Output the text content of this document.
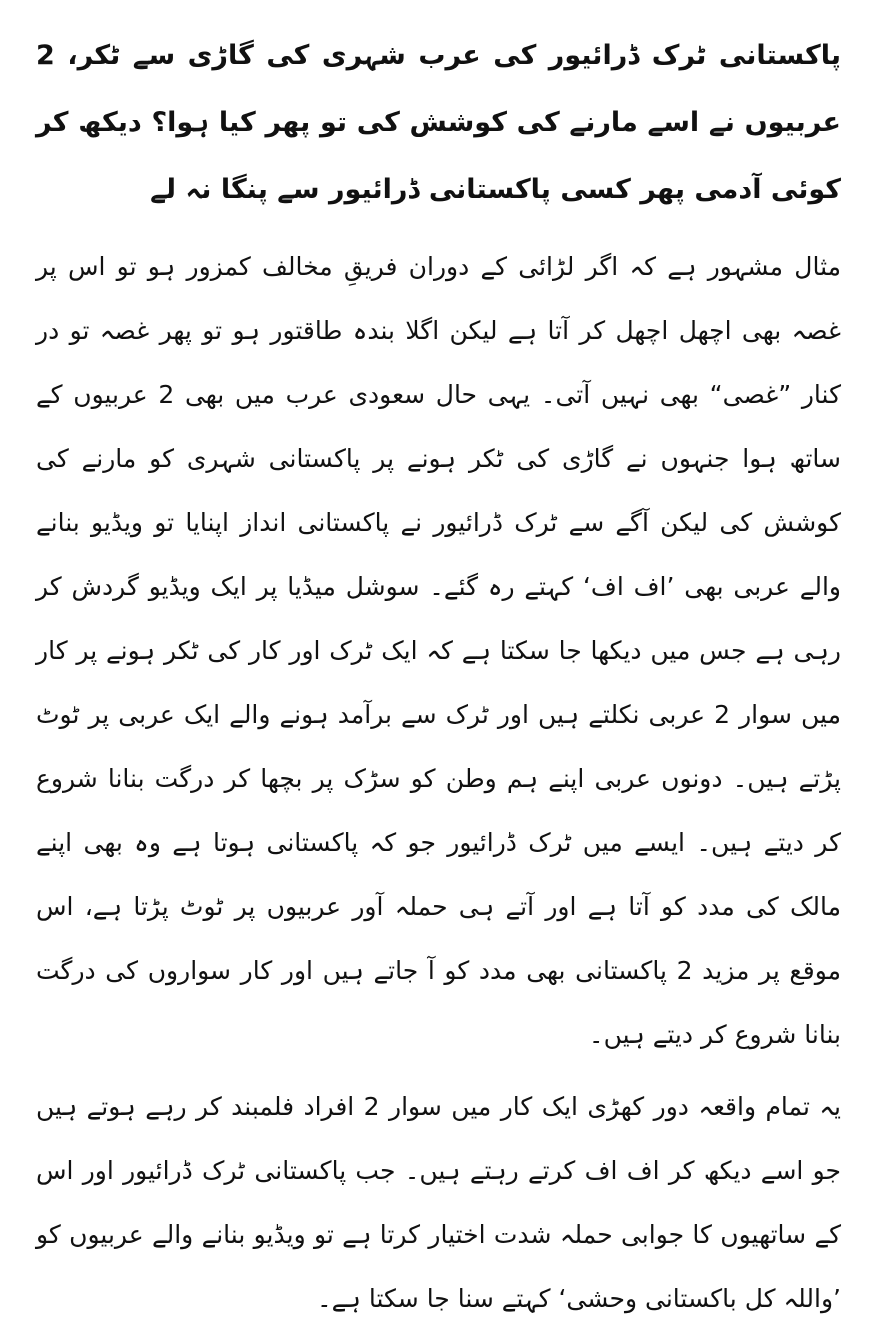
پاکستانی ٹرک ڈرائیور کی عرب شہری کی گاڑی سے ٹکر، 2 عربیوں نے اسے مارنے کی کوشش کی تو پھر کیا ہوا؟ دیکھ کر کوئی آدمی پھر کسی پاکستانی ڈرائیور سے پنگا نہ لے

مثال مشہور ہے کہ اگر لڑائی کے دوران فریقِ مخالف کمزور ہو تو اس پر غصہ بھی اچھل اچھل کر آتا ہے لیکن اگلا بندہ طاقتور ہو تو پھر غصہ تو در کنار ”غصی“ بھی نہیں آتی۔ یہی حال سعودی عرب میں بھی 2 عربیوں کے ساتھ ہوا جنہوں نے گاڑی کی ٹکر ہونے پر پاکستانی شہری کو مارنے کی کوشش کی لیکن آگے سے ٹرک ڈرائیور نے پاکستانی انداز اپنایا تو ویڈیو بنانے والے عربی بھی ’اف اف‘ کہتے رہ گئے۔ سوشل میڈیا پر ایک ویڈیو گردش کر رہی ہے جس میں دیکھا جا سکتا ہے کہ ایک ٹرک اور کار کی ٹکر ہونے پر کار میں سوار 2 عربی نکلتے ہیں اور ٹرک سے برآمد ہونے والے ایک عربی پر ٹوٹ پڑتے ہیں۔ دونوں عربی اپنے ہم وطن کو سڑک پر بچھا کر درگت بنانا شروع کر دیتے ہیں۔ ایسے میں ٹرک ڈرائیور جو کہ پاکستانی ہوتا ہے وہ بھی اپنے مالک کی مدد کو آتا ہے اور آتے ہی حملہ آور عربیوں پر ٹوٹ پڑتا ہے، اس موقع پر مزید 2 پاکستانی بھی مدد کو آ جاتے ہیں اور کار سواروں کی درگت بنانا شروع کر دیتے ہیں۔

یہ تمام واقعہ دور کھڑی ایک کار میں سوار 2 افراد فلمبند کر رہے ہوتے ہیں جو اسے دیکھ کر اف اف کرتے رہتے ہیں۔ جب پاکستانی ٹرک ڈرائیور اور اس کے ساتھیوں کا جوابی حملہ شدت اختیار کرتا ہے تو ویڈیو بنانے والے عربیوں کو ’واللہ کل باکستانی وحشی‘ کہتے سنا جا سکتا ہے۔
